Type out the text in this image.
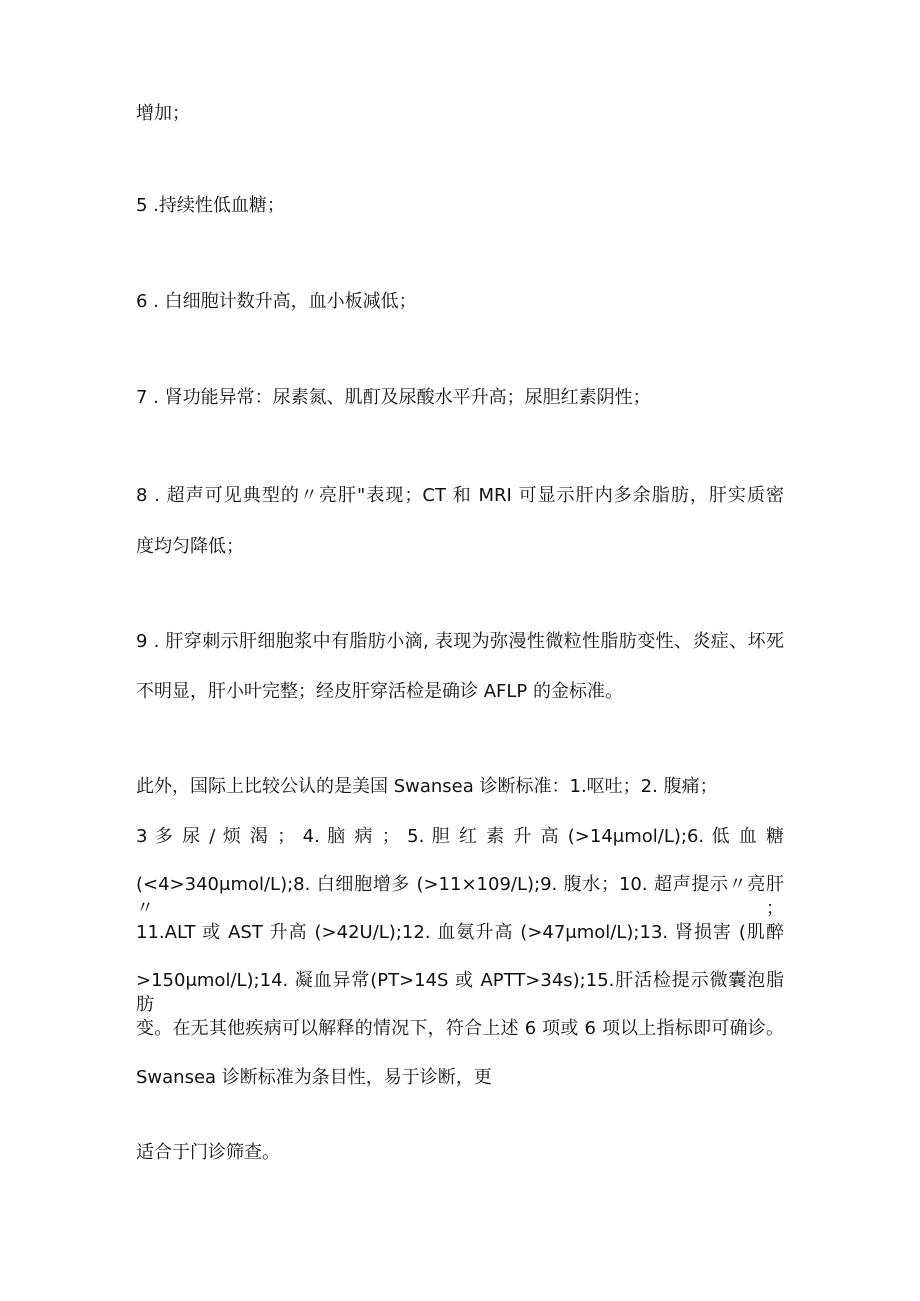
增加；
5 .持续性低血糖；
6 . 白细胞计数升高，血小板减低；
7 . 肾功能异常：尿素氮、肌酊及尿酸水平升高；尿胆红素阴性；
8 . 超声可见典型的〃亮肝"表现；CT 和 MRI 可显示肝内多余脂肪，肝实质密
度均匀降低；
9 . 肝穿刺示肝细胞浆中有脂肪小滴, 表现为弥漫性微粒性脂肪变性、炎症、坏死
不明显，肝小叶完整；经皮肝穿活检是确诊 AFLP 的金标准。
此外，国际上比较公认的是美国 Swansea 诊断标准：1.呕吐；2. 腹痛；
3 多 尿 / 烦 渴 ； 4. 脑 病 ； 5. 胆 红 素 升 高 (>14μmol/L);6. 低 血 糖
(<4>340μmol∕L);8. 白细胞增多 (>11×109∕L);9. 腹水；10. 超声提示〃亮肝〃；
11.ALT 或 AST 升高 (>42U/L);12. 血氨升高 (>47μmol∕L);13. 肾损害 (肌醉
>150μmol∕L);14. 凝血异常(PT>14S 或 APTT>34s);15.肝活检提示微囊泡脂肪
变。在无其他疾病可以解释的情况下，符合上述 6 项或 6 项以上指标即可确诊。
Swansea 诊断标准为条目性，易于诊断，更
适合于门诊筛查。
